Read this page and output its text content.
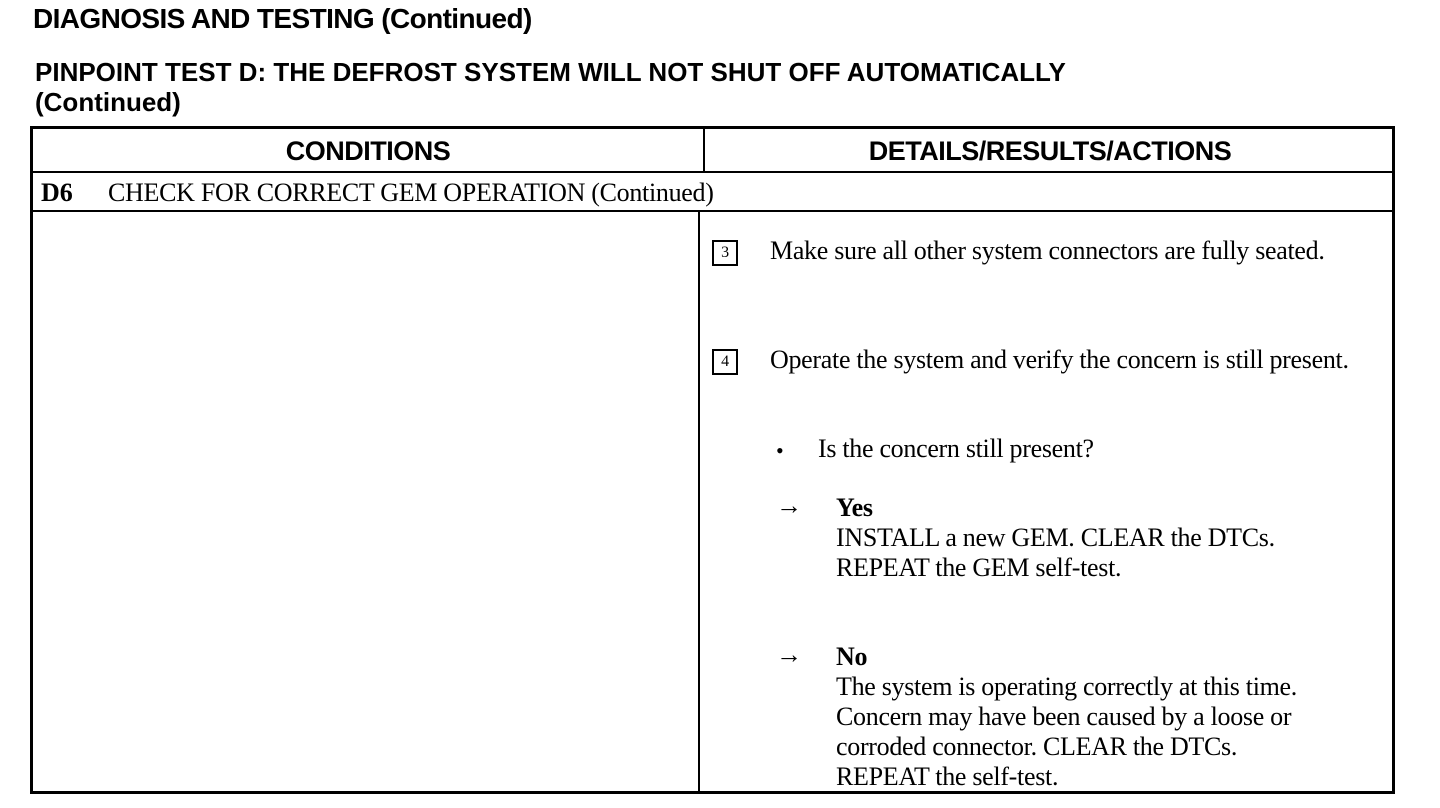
DIAGNOSIS AND TESTING (Continued)
PINPOINT TEST D: THE DEFROST SYSTEM WILL NOT SHUT OFF AUTOMATICALLY
(Continued)
CONDITIONS	DETAILS/RESULTS/ACTIONS
D6 CHECK FOR CORRECT GEM OPERATION (Continued)
3	Make sure all other system connectors are fully seated.
4	Operate the system and verify the concern is still present.
• Is the concern still present?
→ Yes
INSTALL a new GEM. CLEAR the DTCs.
REPEAT the GEM self-test.
→ No
The system is operating correctly at this time.
Concern may have been caused by a loose or
corroded connector. CLEAR the DTCs.
REPEAT the self-test.
